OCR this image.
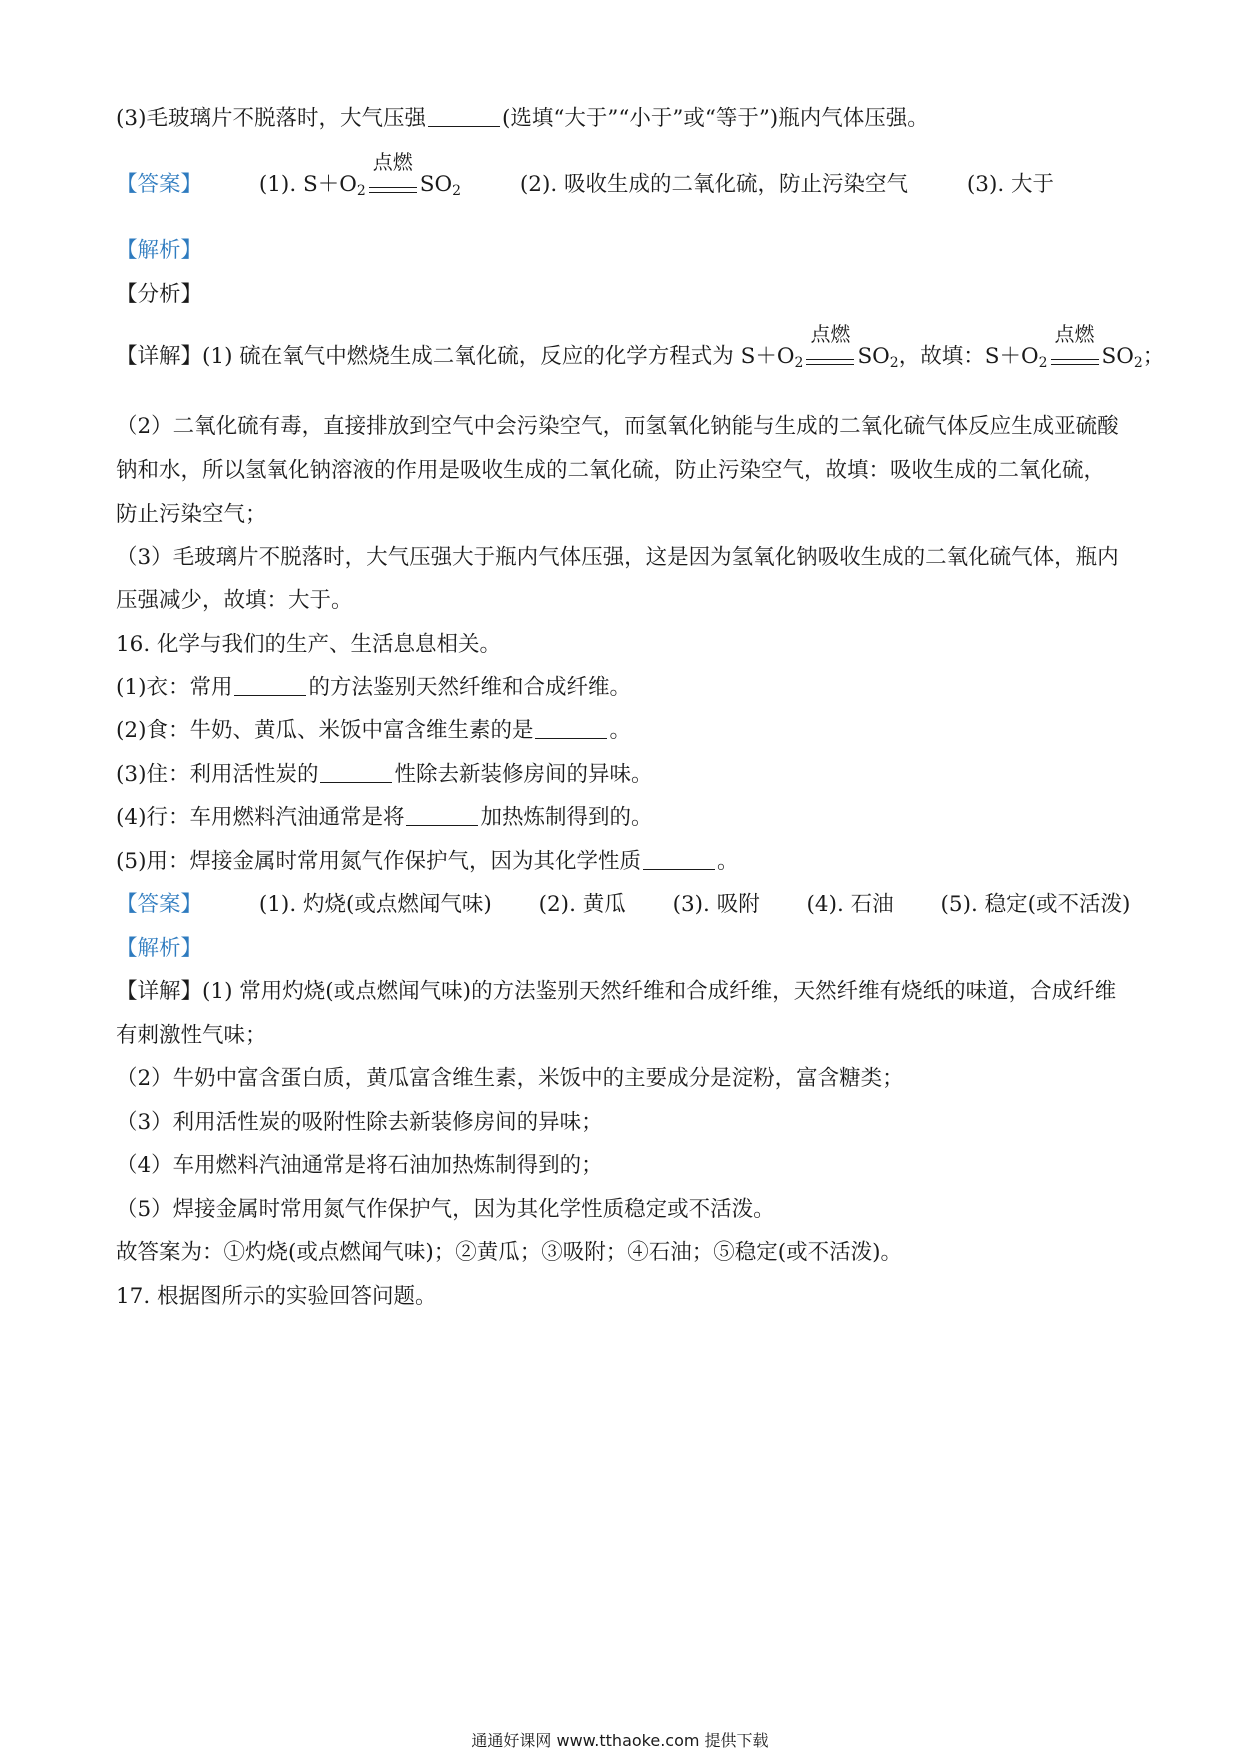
(3)毛玻璃片不脱落时，大气压强	(选填“大于”“小于”或“等于”)瓶内气体压强。
【答案】	(1). $S+O_2$
点燃
$SO_2$	(2). 吸收生成的二氧化硫，防止污染空气	(3). 大于
【解析】
【分析】
【详解】(1) 硫在氧气中燃烧生成二氧化硫，反应的化学方程式为 $S+O_2$
点燃
$SO_2$，故填：$S+O_2$
点燃
$SO_2$；
（2）二氧化硫有毒，直接排放到空气中会污染空气，而氢氧化钠能与生成的二氧化硫气体反应生成亚硫酸
钠和水，所以氢氧化钠溶液的作用是吸收生成的二氧化硫，防止污染空气，故填：吸收生成的二氧化硫，
防止污染空气；
（3）毛玻璃片不脱落时，大气压强大于瓶内气体压强，这是因为氢氧化钠吸收生成的二氧化硫气体，瓶内
压强减少，故填：大于。
16. 化学与我们的生产、生活息息相关。
(1)衣：常用	的方法鉴别天然纤维和合成纤维。
(2)食：牛奶、黄瓜、米饭中富含维生素的是	。
(3)住：利用活性炭的	性除去新装修房间的异味。
(4)行：车用燃料汽油通常是将	加热炼制得到的。
(5)用：焊接金属时常用氮气作保护气，因为其化学性质	。
【答案】	(1). 灼烧(或点燃闻气味) (2). 黄瓜 (3). 吸附 (4). 石油 (5). 稳定(或不活泼)
【解析】
【详解】(1) 常用灼烧(或点燃闻气味)的方法鉴别天然纤维和合成纤维，天然纤维有烧纸的味道，合成纤维
有刺激性气味；
（2）牛奶中富含蛋白质，黄瓜富含维生素，米饭中的主要成分是淀粉，富含糖类；
（3）利用活性炭的吸附性除去新装修房间的异味；
（4）车用燃料汽油通常是将石油加热炼制得到的；
（5）焊接金属时常用氮气作保护气，因为其化学性质稳定或不活泼。
故答案为：①灼烧(或点燃闻气味)；②黄瓜；③吸附；④石油；⑤稳定(或不活泼)。
17. 根据图所示的实验回答问题。
通通好课网 www.tthaoke.com 提供下载
